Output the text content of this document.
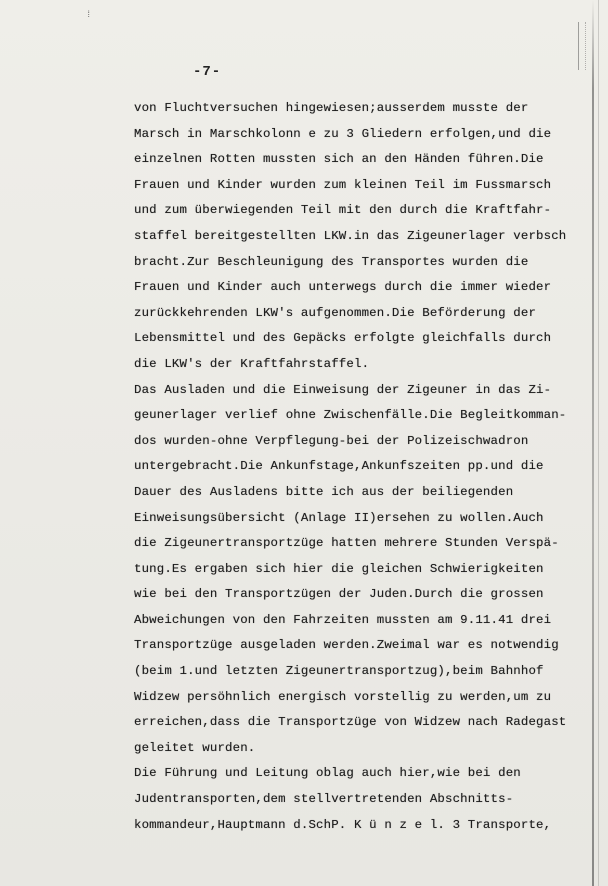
⁞
-7-
von Fluchtversuchen hingewiesen;ausserdem musste der
Marsch in Marschkolonn e zu 3 Gliedern erfolgen,und die
einzelnen Rotten mussten sich an den Händen führen.Die
Frauen und Kinder wurden zum kleinen Teil im Fussmarsch
und zum überwiegenden Teil mit den durch die Kraftfahr-
staffel bereitgestellten LKW.in das Zigeunerlager verbsch
bracht.Zur Beschleunigung des Transportes wurden die
Frauen und Kinder auch unterwegs durch die immer wieder
zurückkehrenden LKW's aufgenommen.Die Beförderung der
Lebensmittel und des Gepäcks erfolgte gleichfalls durch
die LKW's der Kraftfahrstaffel.
Das Ausladen und die Einweisung der Zigeuner in das Zi-
geunerlager verlief ohne Zwischenfälle.Die Begleitkomman-
dos wurden-ohne Verpflegung-bei der Polizeischwadron
untergebracht.Die Ankunfstage,Ankunfszeiten pp.und die
Dauer des Ausladens bitte ich aus der beiliegenden
Einweisungsübersicht (Anlage II)ersehen zu wollen.Auch
die Zigeunertransportzüge hatten mehrere Stunden Verspä-
tung.Es ergaben sich hier die gleichen Schwierigkeiten
wie bei den Transportzügen der Juden.Durch die grossen
Abweichungen von den Fahrzeiten mussten am 9.11.41 drei
Transportzüge ausgeladen werden.Zweimal war es notwendig
(beim 1.und letzten Zigeunertransportzug),beim Bahnhof
Widzew persöhnlich energisch vorstellig zu werden,um zu
erreichen,dass die Transportzüge von Widzew nach Radegast
geleitet wurden.
Die Führung und Leitung oblag auch hier,wie bei den
Judentransporten,dem stellvertretenden Abschnitts-
kommandeur,Hauptmann d.SchP. K ü n z e l. 3 Transporte,
